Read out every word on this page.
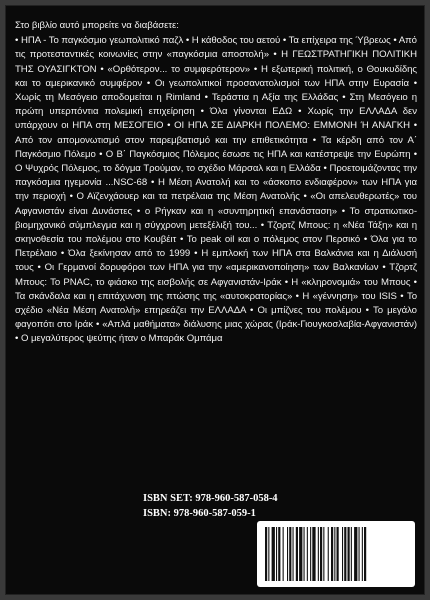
Στο βιβλίο αυτό μπορείτε να διαβάσετε:
• ΗΠΑ - Το παγκόσμιο γεωπολιτικό παζλ • Η κάθοδος του αετού • Τα επίχειρα της Ύβρεως • Από τις προτεσταντικές κοινωνίες στην «παγκόσμια αποστολή» • Η ΓΕΩΣΤΡΑΤΗΓΙΚΗ ΠΟΛΙΤΙΚΗ ΤΗΣ ΟΥΑΣΙΓΚΤΟΝ • «Ορθότερον... το συμφερότερον» • Η εξωτερική πολιτική, ο Θουκυδίδης και το αμερικανικό συμφέρον • Οι γεωπολιτικοί προσανατολισμοί των ΗΠΑ στην Ευρασία • Χωρίς τη Μεσόγειο αποδομείται η Rimland • Τεράστια η Αξία της Ελλάδας • Στη Μεσόγειο η πρώτη υπερπόντια πολεμική επιχείρηση • Όλα γίνονται ΕΔΩ • Χωρίς την ΕΛΛΑΔΑ δεν υπάρχουν οι ΗΠΑ στη ΜΕΣΟΓΕΙΟ • ΟΙ ΗΠΑ ΣΕ ΔΙΑΡΚΗ ΠΟΛΕΜΟ: ΕΜΜΟΝΗ Ή ΑΝΑΓΚΗ • Από τον απομονωτισμό στον παρεμβατισμό και την επιθετικότητα • Τα κέρδη από τον Α΄ Παγκόσμιο Πόλεμο • Ο Β΄ Παγκόσμιος Πόλεμος έσωσε τις ΗΠΑ και κατέστρεψε την Ευρώπη • Ο Ψυχρός Πόλεμος, το δόγμα Τρούμαν, το σχέδιο Μάρσαλ και η Ελλάδα • Προετοιμάζοντας την παγκόσμια ηγεμονία ...NSC-68 • Η Μέση Ανατολή και το «άσκοπο ενδιαφέρον» των ΗΠΑ για την περιοχή • Ο Αϊζενχάουερ και τα πετρέλαια της Μέση Ανατολής • «Οι απελευθερωτές» του Αφγανιστάν είναι Δυνάστες • ο Ρήγκαν και η «συντηρητική επανάσταση» • Το στρατιωτικο-βιομηχανικό σύμπλεγμα και η σύγχρονη μετεξέλιξή του... • Τζορτζ Μπους: η «Νέα Τάξη» και η σκηνοθεσία του πολέμου στο Κουβέιτ • Το peak oil και ο πόλεμος στον Περσικό • Όλα για το Πετρέλαιο • Όλα ξεκίνησαν από το 1999 • Η εμπλοκή των ΗΠΑ στα Βαλκάνια και η Διάλυσή τους • Οι Γερμανοί δορυφόροι των ΗΠΑ για την «αμερικανοποίηση» των Βαλκανίων • Τζορτζ Μπους: Το PNAC, το φιάσκο της εισβολής σε Αφγανιστάν-Ιράκ • Η «κληρονομιά» του Μπους • Τα σκάνδαλα και η επιτάχυνση της πτώσης της «αυτοκρατορίας» • Η «γέννηση» του ISIS • Το σχέδιο «Νέα Μέση Ανατολή» επηρεάζει την ΕΛΛΑΔΑ • Οι μπίζνες του πολέμου • Το μεγάλο φαγοπότι στο Ιράκ • «Απλά μαθήματα» διάλυσης μιας χώρας (Ιράκ-Γιουγκοσλαβία-Αφγανιστάν) • Ο μεγαλύτερος ψεύτης ήταν ο Μπαράκ Ομπάμα
ISBN SET: 978-960-587-058-4
ISBN: 978-960-587-059-1
